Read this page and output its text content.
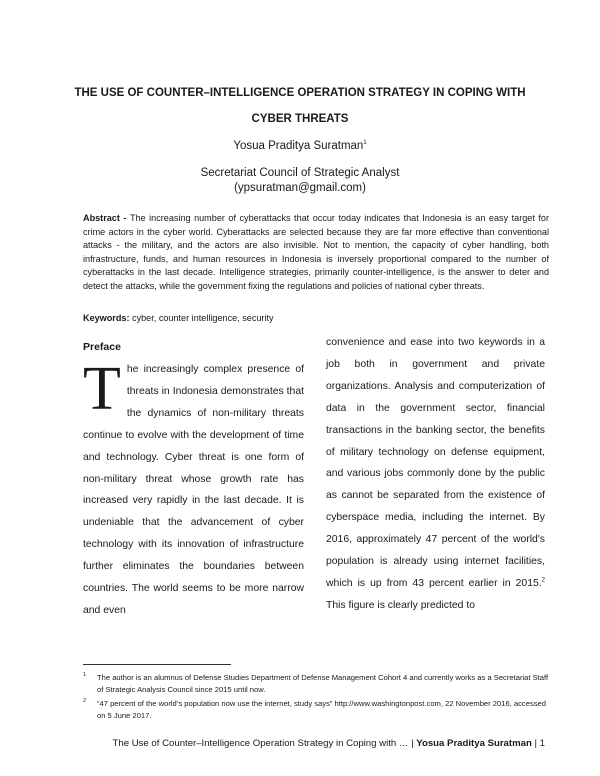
THE USE OF COUNTER–INTELLIGENCE OPERATION STRATEGY IN COPING WITH CYBER THREATS
Yosua Praditya Suratman$^1$
Secretariat Council of Strategic Analyst
(ypsuratman@gmail.com)
Abstract - The increasing number of cyberattacks that occur today indicates that Indonesia is an easy target for crime actors in the cyber world. Cyberattacks are selected because they are far more effective than conventional attacks - the military, and the actors are also invisible. Not to mention, the capacity of cyber handling, both infrastructure, funds, and human resources in Indonesia is inversely proportional compared to the number of cyberattacks in the last decade. Intelligence strategies, primarily counter-intelligence, is the answer to deter and detect the attacks, while the government fixing the regulations and policies of national cyber threats.
Keywords: cyber, counter intelligence, security
Preface
The increasingly complex presence of threats in Indonesia demonstrates that the dynamics of non-military threats continue to evolve with the development of time and technology. Cyber threat is one form of non-military threat whose growth rate has increased very rapidly in the last decade. It is undeniable that the advancement of cyber technology with its innovation of infrastructure further eliminates the boundaries between countries. The world seems to be more narrow and even
convenience and ease into two keywords in a job both in government and private organizations. Analysis and computerization of data in the government sector, financial transactions in the banking sector, the benefits of military technology on defense equipment, and various jobs commonly done by the public as cannot be separated from the existence of cyberspace media, including the internet. By 2016, approximately 47 percent of the world's population is already using internet facilities, which is up from 43 percent earlier in 2015.$^2$ This figure is clearly predicted to
1 The author is an alumnus of Defense Studies Department of Defense Management Cohort 4 and currently works as a Secretariat Staff of Strategic Analysis Council since 2015 until now.
2 “47 percent of the world’s population now use the internet, study says” http://www.washingtonpost.com, 22 November 2016, accessed on 5 June 2017.
The Use of Counter–Intelligence Operation Strategy in Coping with … | Yosua Praditya Suratman | 1
